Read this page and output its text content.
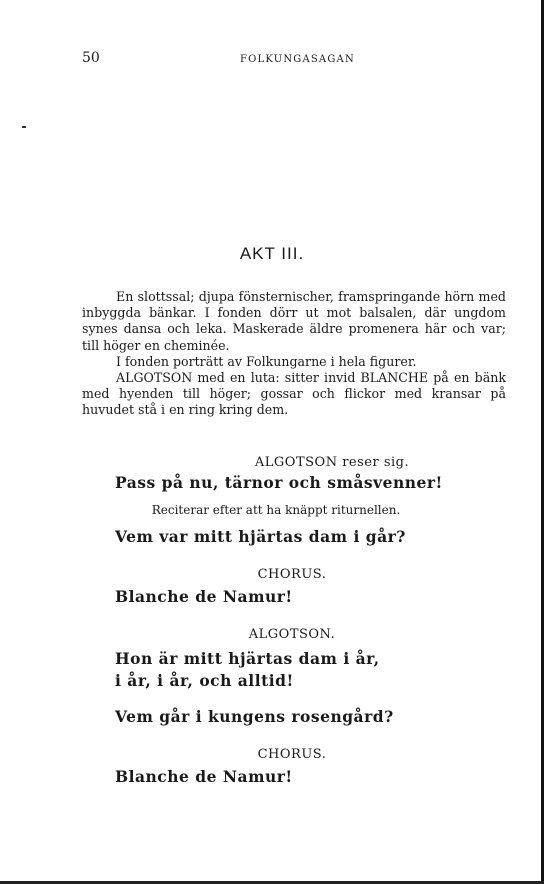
50	FOLKUNGASAGAN
AKT III.

En slottssal; djupa fönsternischer, framspringande hörn med inbyggda bänkar. I fonden dörr ut mot balsalen, där ungdom synes dansa och leka. Maskerade äldre promenera här och var; till höger en cheminée.

I fonden porträtt av Folkungarne i hela figurer.

ALGOTSON med en luta: sitter invid BLANCHE på en bänk med hyenden till höger; gossar och flickor med kransar på huvudet stå i en ring kring dem.

ALGOTSON reser sig.
Pass på nu, tärnor och småsvenner!
Reciterar efter att ha knäppt riturnellen.
Vem var mitt hjärtas dam i går?
CHORUS.
Blanche de Namur!
ALGOTSON.
Hon är mitt hjärtas dam i år,
i år, i år, och alltid!
Vem går i kungens rosengård?
CHORUS.
Blanche de Namur!
